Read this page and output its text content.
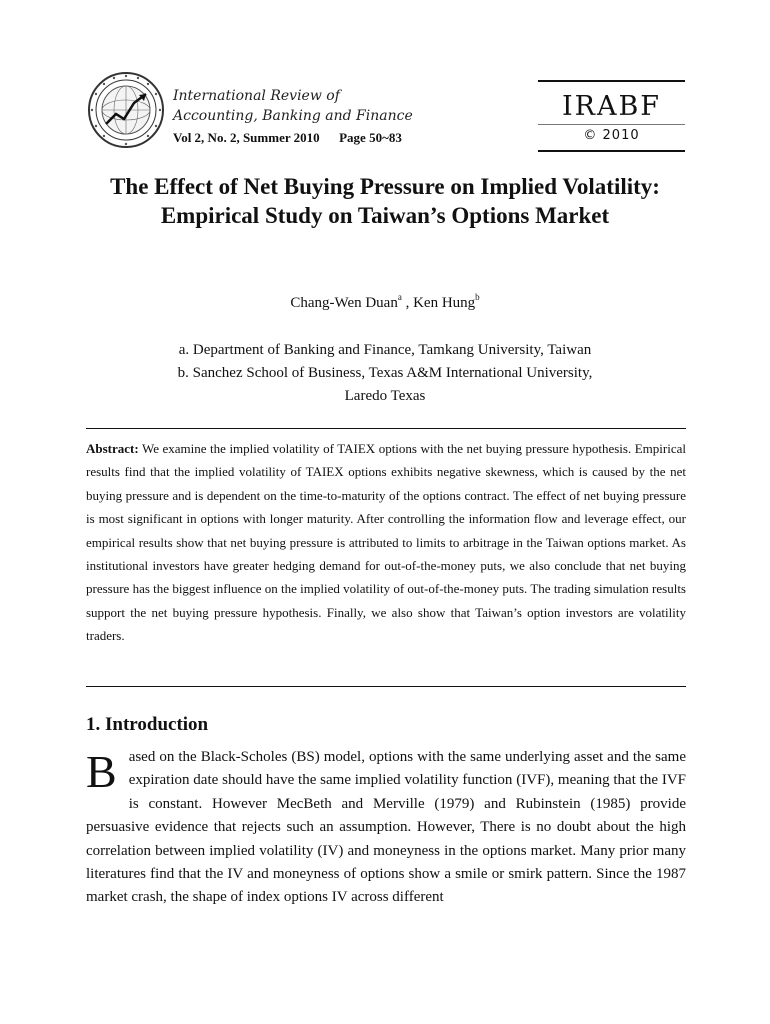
International Review of
Accounting, Banking and Finance
Vol 2, No. 2, Summer 2010      Page 50~83
IRABF
© 2010
The Effect of Net Buying Pressure on Implied Volatility: Empirical Study on Taiwan’s Options Market
Chang-Wen Duan$^a$ , Ken Hung$^b$
a. Department of Banking and Finance, Tamkang University, Taiwan
b. Sanchez School of Business, Texas A&M International University,
Laredo Texas
Abstract: We examine the implied volatility of TAIEX options with the net buying pressure hypothesis. Empirical results find that the implied volatility of TAIEX options exhibits negative skewness, which is caused by the net buying pressure and is dependent on the time-to-maturity of the options contract. The effect of net buying pressure is most significant in options with longer maturity. After controlling the information flow and leverage effect, our empirical results show that net buying pressure is attributed to limits to arbitrage in the Taiwan options market. As institutional investors have greater hedging demand for out-of-the-money puts, we also conclude that net buying pressure has the biggest influence on the implied volatility of out-of-the-money puts. The trading simulation results support the net buying pressure hypothesis. Finally, we also show that Taiwan’s option investors are volatility traders.
1. Introduction
Based on the Black-Scholes (BS) model, options with the same underlying asset and the same expiration date should have the same implied volatility function (IVF), meaning that the IVF is constant. However MecBeth and Merville (1979) and Rubinstein (1985) provide persuasive evidence that rejects such an assumption. However, There is no doubt about the high correlation between implied volatility (IV) and moneyness in the options market. Many prior many literatures find that the IV and moneyness of options show a smile or smirk pattern. Since the 1987 market crash, the shape of index options IV across different
